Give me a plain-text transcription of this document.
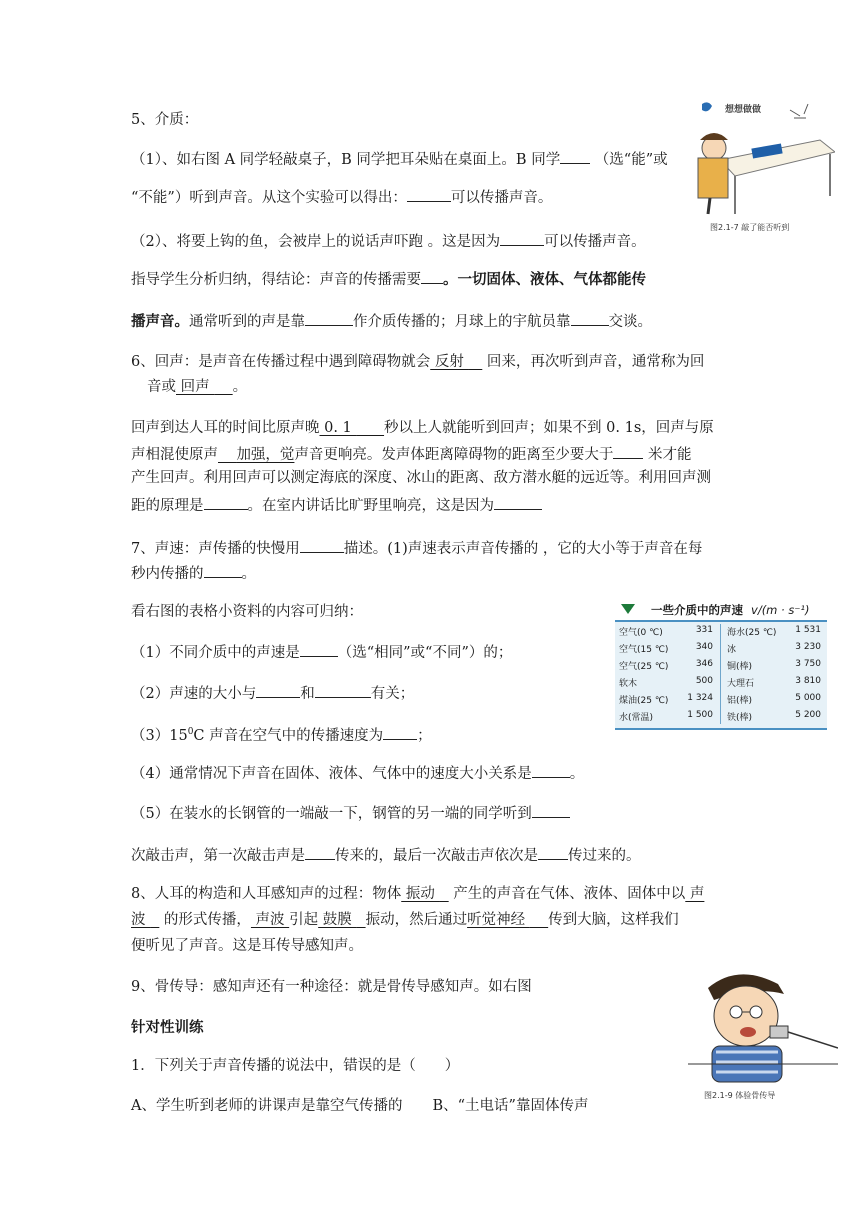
5、介质：
（1）、如右图 A 同学轻敲桌子，B 同学把耳朵贴在桌面上。B 同学 （选“能”或
“不能”）听到声音。从这个实验可以得出：	可以传播声音。
（2）、将要上钩的鱼，会被岸上的说话声吓跑 。这是因为	可以传播声音。
指导学生分析归纳，得结论：声音的传播需要 。一切固体、液体、气体都能传
播声音。通常听到的声是靠	作介质传播的；月球上的宇航员靠	交谈。
6、回声：是声音在传播过程中遇到障碍物就会 反射     回来，再次听到声音，通常称为回
音或 回声     。
回声到达人耳的时间比原声晚 0. 1       秒以上人就能听到回声；如果不到 0. 1s，回声与原
声相混使原声 加强，觉声音更响亮。发声体距离障碍物的距离至少要大于 米才能
产生回声。利用回声可以测定海底的深度、冰山的距离、敌方潜水艇的远近等。利用回声测
距的原理是	。在室内讲话比旷野里响亮，这是因为
7、声速：声传播的快慢用	描述。(1)声速表示声音传播的 ，它的大小等于声音在每
秒内传播的	。
看右图的表格小资料的内容可归纳：
（1）不同介质中的声速是	（选“相同”或“不同”）的；
（2）声速的大小与	和	有关；
$(3)15^0C$ 声音在空气中的传播速度为 ；
（4）通常情况下声音在固体、液体、气体中的速度大小关系是	。
（5）在装水的长钢管的一端敲一下，钢管的另一端的同学听到
次敲击声，第一次敲击声是 传来的，最后一次敲击声依次是 传过来的。
8、人耳的构造和人耳感知声的过程：物体 振动    产生的声音在气体、液体、固体中以 声
波    的形式传播， 声波 引起 鼓膜   振动，然后通过听觉神经     传到大脑，这样我们
便听见了声音。这是耳传导感知声。
9、骨传导：感知声还有一种途径：就是骨传导感知声。如右图
针对性训练
1．下列关于声音传播的说法中，错误的是（　　）
A、学生听到老师的讲课声是靠空气传播的 B、“土电话”靠固体传声
想想做做
图2.1-7 敲了能否听到
一些介质中的声速 v/(m · s⁻¹)
空气(0 ℃)	331
空气(15 ℃)	340
空气(25 ℃)	346
软木	500
煤油(25 ℃) 1 324
水(常温)	1 500
海水(25 ℃) 1 531
冰	3 230
铜(棒)	3 750
大理石	3 810
铝(棒)	5 000
铁(棒)	5 200
图2.1-9 体验骨传导
